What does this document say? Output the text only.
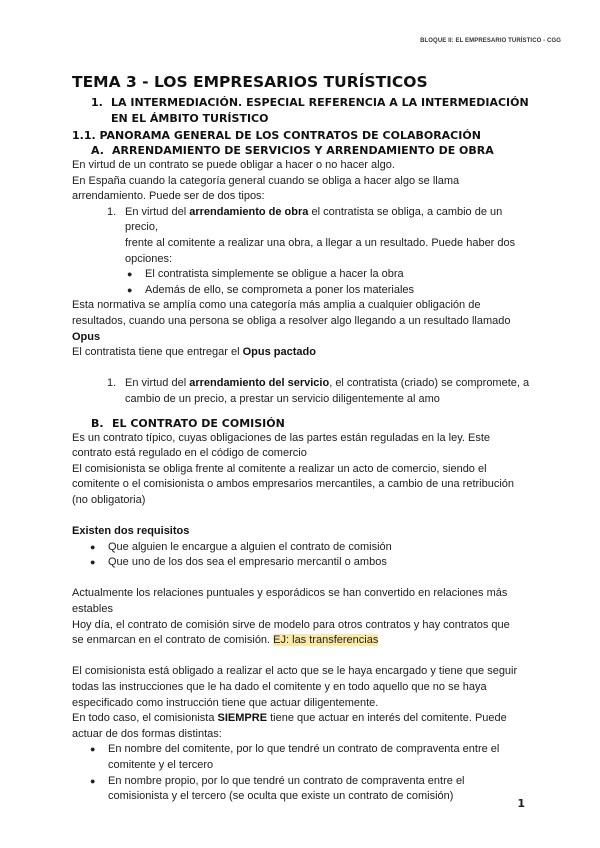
BLOQUE II: EL EMPRESARIO TURÍSTICO - CGG
TEMA 3 - LOS EMPRESARIOS TURÍSTICOS
1. LA INTERMEDIACIÓN. ESPECIAL REFERENCIA A LA INTERMEDIACIÓN
EN EL ÁMBITO TURÍSTICO
1.1. PANORAMA GENERAL DE LOS CONTRATOS DE COLABORACIÓN
A. ARRENDAMIENTO DE SERVICIOS Y ARRENDAMIENTO DE OBRA

En virtud de un contrato se puede obligar a hacer o no hacer algo.

En España cuando la categoría general cuando se obliga a hacer algo se llama
arrendamiento. Puede ser de dos tipos:

1. En virtud del arrendamiento de obra el contratista se obliga, a cambio de un precio,
frente al comitente a realizar una obra, a llegar a un resultado. Puede haber dos
opciones:
● El contratista simplemente se obligue a hacer la obra
● Además de ello, se comprometa a poner los materiales

Esta normativa se amplía como una categoría más amplia a cualquier obligación de
resultados, cuando una persona se obliga a resolver algo llegando a un resultado llamado
Opus

El contratista tiene que entregar el Opus pactado

1. En virtud del arrendamiento del servicio, el contratista (criado) se compromete, a
cambio de un precio, a prestar un servicio diligentemente al amo
B. EL CONTRATO DE COMISIÓN

Es un contrato típico, cuyas obligaciones de las partes están reguladas en la ley. Este
contrato está regulado en el código de comercio

El comisionista se obliga frente al comitente a realizar un acto de comercio, siendo el
comitente o el comisionista o ambos empresarios mercantiles, a cambio de una retribución
(no obligatoria)

Existen dos requisitos

● Que alguien le encargue a alguien el contrato de comisión
● Que uno de los dos sea el empresario mercantil o ambos

Actualmente los relaciones puntuales y esporádicos se han convertido en relaciones más
estables

Hoy día, el contrato de comisión sirve de modelo para otros contratos y hay contratos que
se enmarcan en el contrato de comisión. EJ: las transferencias

El comisionista está obligado a realizar el acto que se le haya encargado y tiene que seguir
todas las instrucciones que le ha dado el comitente y en todo aquello que no se haya
especificado como instrucción tiene que actuar diligentemente.

En todo caso, el comisionista SIEMPRE tiene que actuar en interés del comitente. Puede
actuar de dos formas distintas:

● En nombre del comitente, por lo que tendré un contrato de compraventa entre el
comitente y el tercero
● En nombre propio, por lo que tendré un contrato de compraventa entre el
comisionista y el tercero (se oculta que existe un contrato de comisión)
1
